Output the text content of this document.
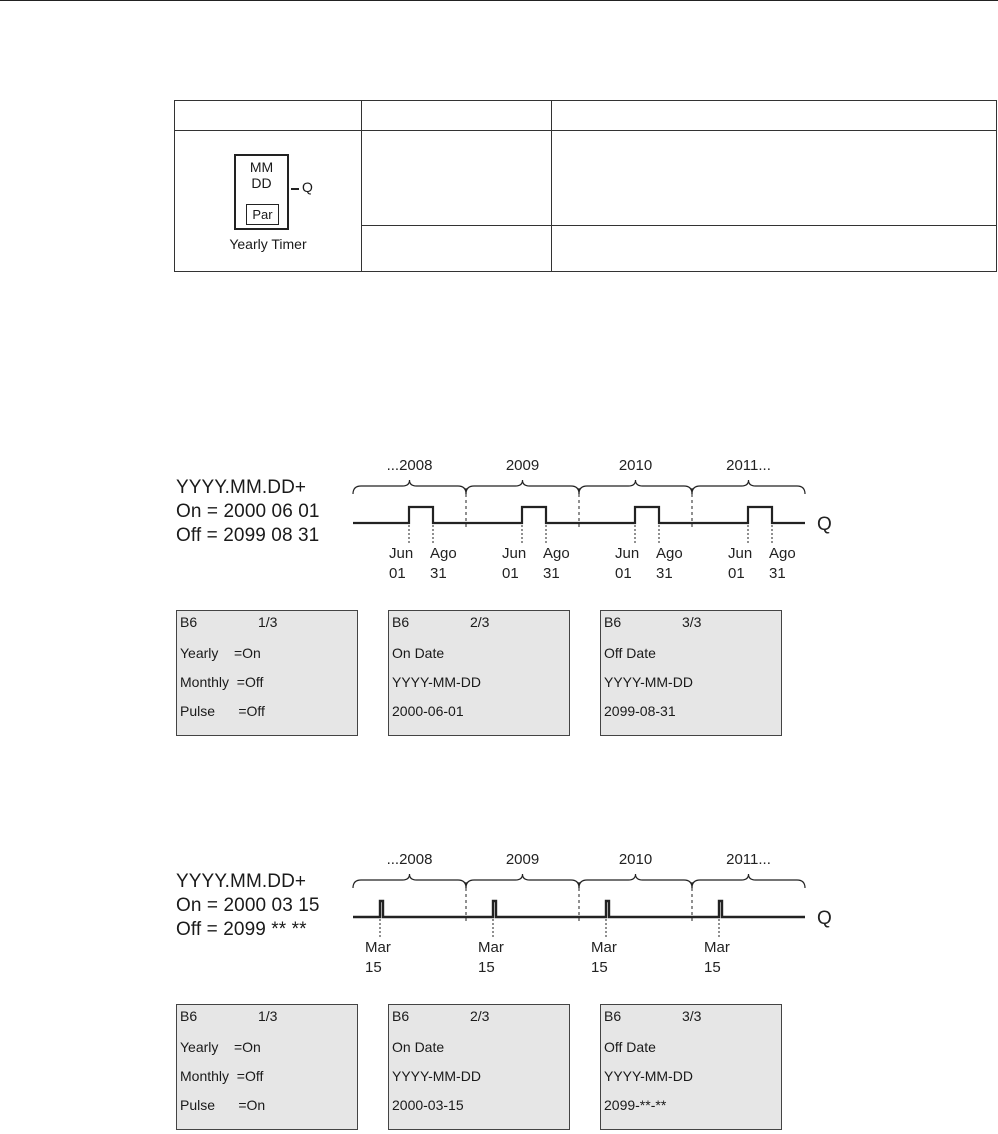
MM
DD
Par
Q
Yearly Timer		

YYYY.MM.DD+
On = 2000 06 01
Off = 2099 08 31
...2008	2009	2010	2011...
Q
Jun
01
Ago
31
Jun
01
Ago
31
Jun
01
Ago
31
Jun
01
Ago
31
B6	1/3
Yearly    =On
Monthly  =Off
Pulse      =Off
B6	2/3
On Date
YYYY-MM-DD
2000-06-01
B6	3/3
Off Date
YYYY-MM-DD
2099-08-31
YYYY.MM.DD+
On = 2000 03 15
Off = 2099 ** **
...2008	2009	2010	2011...
Q
Mar
15
Mar
15
Mar
15
Mar
15
B6	1/3
Yearly    =On
Monthly  =Off
Pulse      =On
B6	2/3
On Date
YYYY-MM-DD
2000-03-15
B6	3/3
Off Date
YYYY-MM-DD
2099-**-**
